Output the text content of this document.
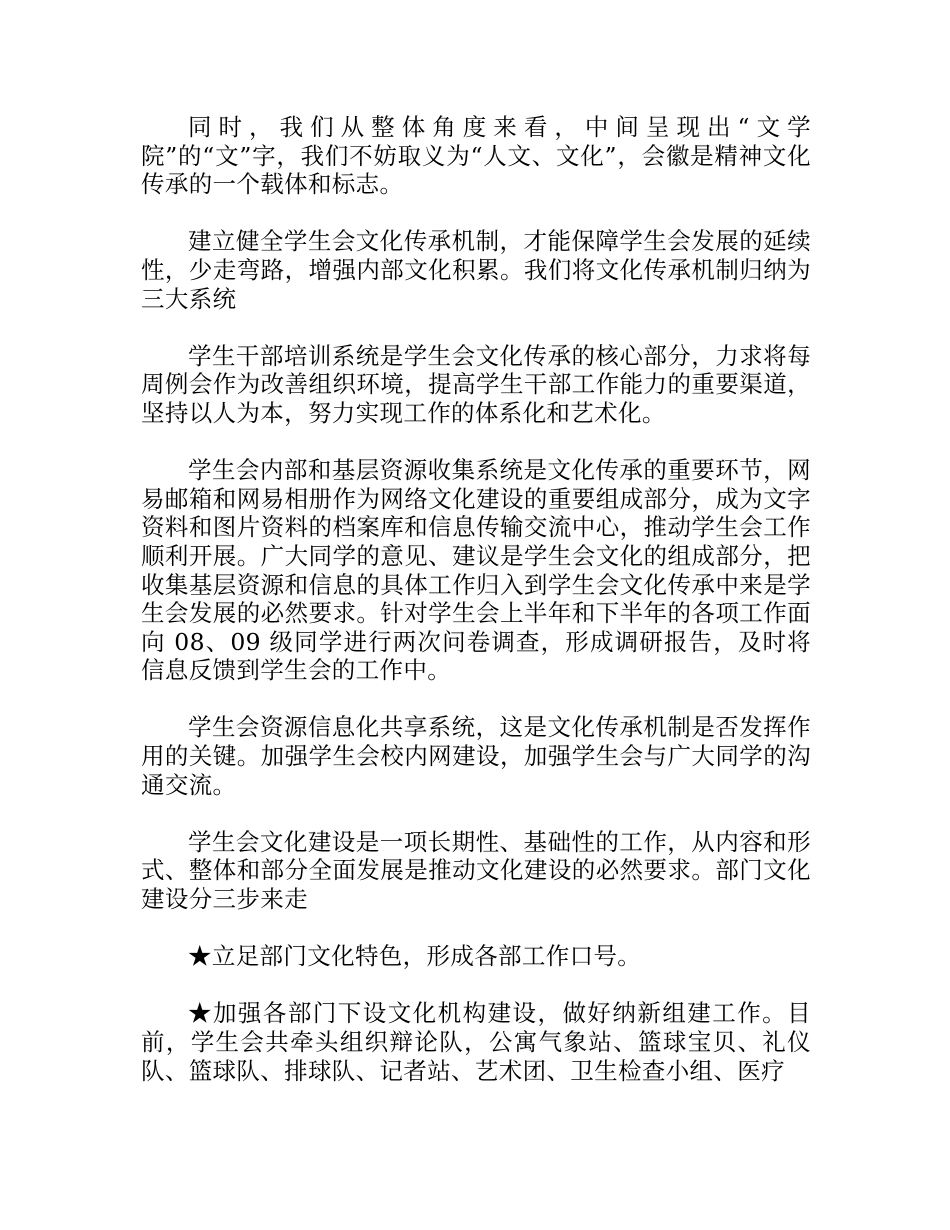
同时，我们从整体角度来看，中间呈现出“文学院”的“文”字，我们不妨取义为“人文、文化”，会徽是精神文化传承的一个载体和标志。

建立健全学生会文化传承机制，才能保障学生会发展的延续性，少走弯路，增强内部文化积累。我们将文化传承机制归纳为三大系统

学生干部培训系统是学生会文化传承的核心部分，力求将每周例会作为改善组织环境，提高学生干部工作能力的重要渠道，坚持以人为本，努力实现工作的体系化和艺术化。

学生会内部和基层资源收集系统是文化传承的重要环节，网易邮箱和网易相册作为网络文化建设的重要组成部分，成为文字资料和图片资料的档案库和信息传输交流中心，推动学生会工作顺利开展。广大同学的意见、建议是学生会文化的组成部分，把收集基层资源和信息的具体工作归入到学生会文化传承中来是学生会发展的必然要求。针对学生会上半年和下半年的各项工作面向 08、09 级同学进行两次问卷调查，形成调研报告，及时将信息反馈到学生会的工作中。

学生会资源信息化共享系统，这是文化传承机制是否发挥作用的关键。加强学生会校内网建设，加强学生会与广大同学的沟通交流。

学生会文化建设是一项长期性、基础性的工作，从内容和形式、整体和部分全面发展是推动文化建设的必然要求。部门文化建设分三步来走

★立足部门文化特色，形成各部工作口号。

★加强各部门下设文化机构建设，做好纳新组建工作。目前，学生会共牵头组织辩论队，公寓气象站、篮球宝贝、礼仪队、篮球队、排球队、记者站、艺术团、卫生检查小组、医疗
